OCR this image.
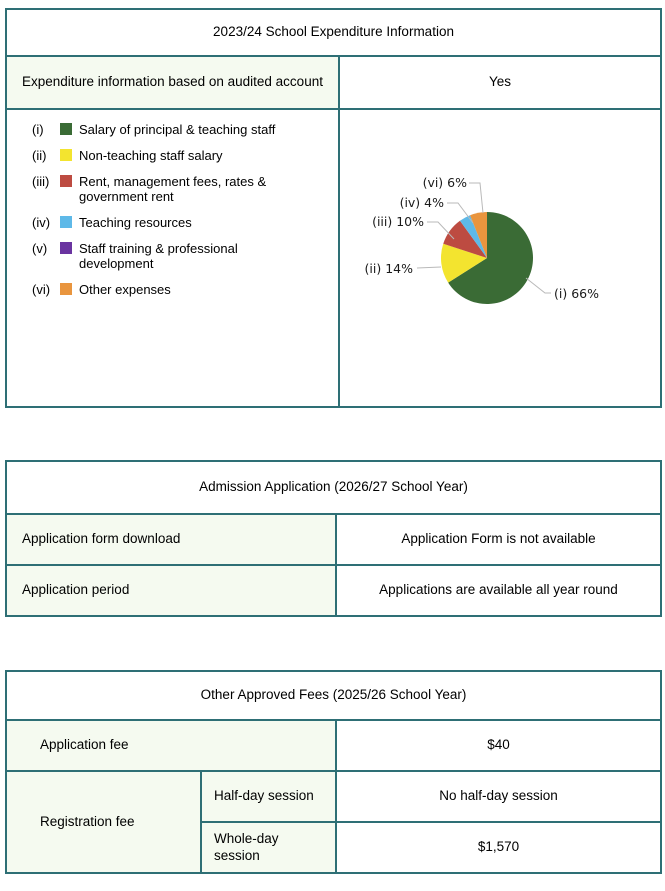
2023/24 School Expenditure Information	
Expenditure information based on audited account	Yes

(i)	Salary of principal & teaching staff
(ii)	Non-teaching staff salary
(iii)	Rent, management fees, rates & government rent
(iv)	Teaching resources
(v)	Staff training & professional development
(vi)	Other expenses	(i) 66%
(ii) 14%
(iii) 10%
(iv) 4%
(vi) 6%
Admission Application (2026/27 School Year)	
Application form download	Application Form is not available
Application period	Applications are available all year round
Other Approved Fees (2025/26 School Year)		
Application fee		$40
Registration fee	Half-day session	No half-day session
	Whole-day session	$1,570
